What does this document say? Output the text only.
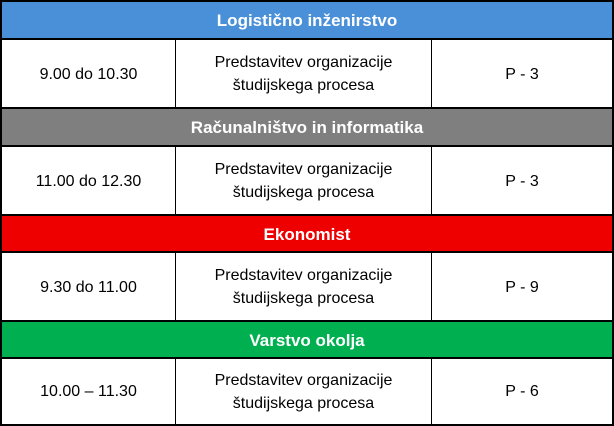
Logistično inženirstvo
9.00 do 10.30
Predstavitev organizacije
študijskega procesa
P - 3
Računalništvo in informatika
11.00 do 12.30
Predstavitev organizacije
študijskega procesa
P - 3
Ekonomist
9.30 do 11.00
Predstavitev organizacije
študijskega procesa
P - 9
Varstvo okolja
10.00 – 11.30
Predstavitev organizacije
študijskega procesa
P - 6
